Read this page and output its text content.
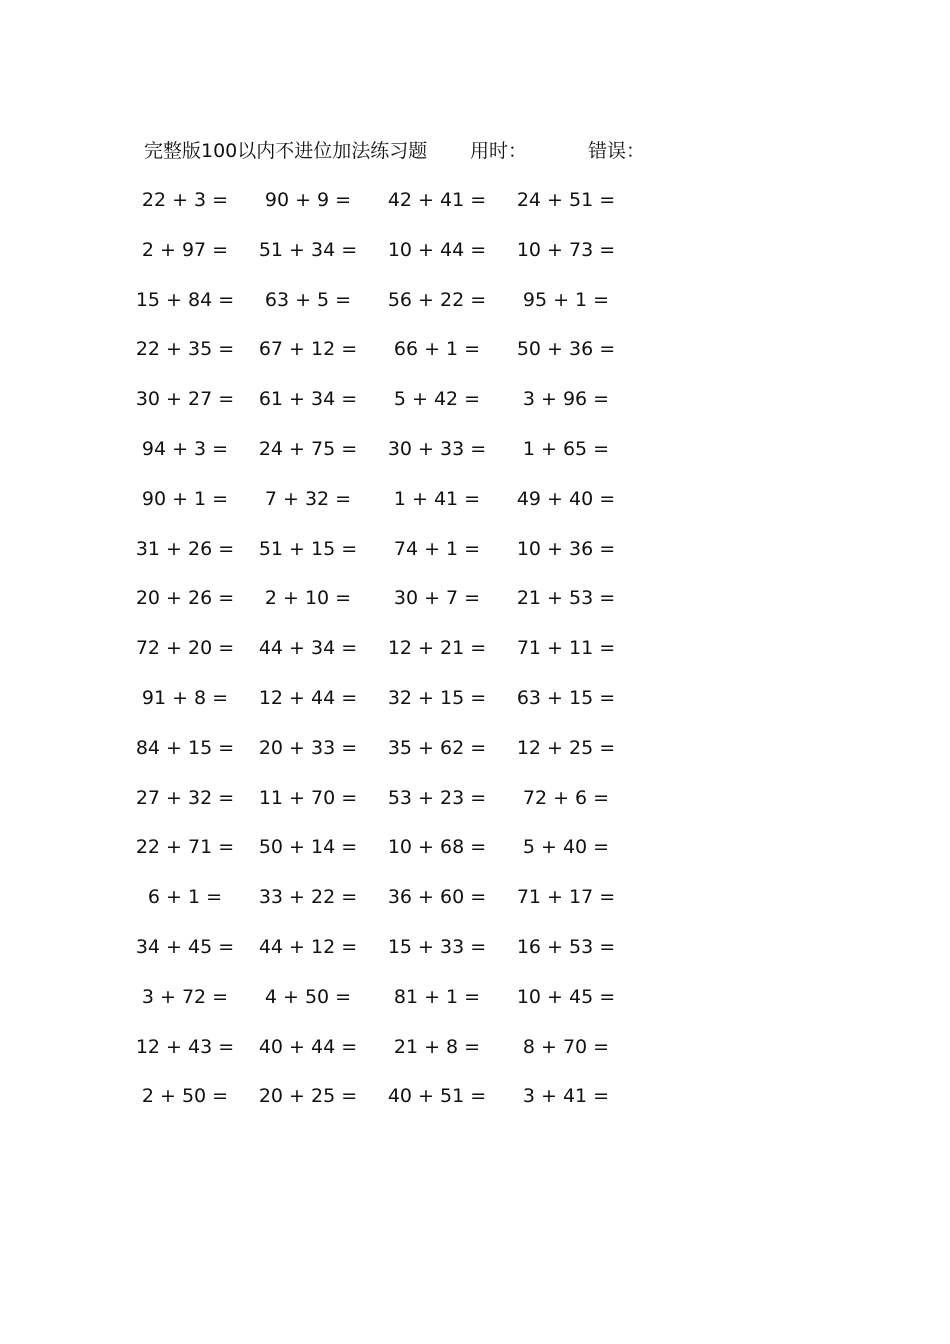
完整版100以内不进位加法练习题 用时：	错误：
22 + 3 =	90 + 9 =	42 + 41 =	24 + 51 =
2 + 97 =	51 + 34 =	10 + 44 =	10 + 73 =
15 + 84 =	63 + 5 =	56 + 22 =	95 + 1 =
22 + 35 =	67 + 12 =	66 + 1 =	50 + 36 =
30 + 27 =	61 + 34 =	5 + 42 =	3 + 96 =
94 + 3 =	24 + 75 =	30 + 33 =	1 + 65 =
90 + 1 =	7 + 32 =	1 + 41 =	49 + 40 =
31 + 26 =	51 + 15 =	74 + 1 =	10 + 36 =
20 + 26 =	2 + 10 =	30 + 7 =	21 + 53 =
72 + 20 =	44 + 34 =	12 + 21 =	71 + 11 =
91 + 8 =	12 + 44 =	32 + 15 =	63 + 15 =
84 + 15 =	20 + 33 =	35 + 62 =	12 + 25 =
27 + 32 =	11 + 70 =	53 + 23 =	72 + 6 =
22 + 71 =	50 + 14 =	10 + 68 =	5 + 40 =
6 + 1 =	33 + 22 =	36 + 60 =	71 + 17 =
34 + 45 =	44 + 12 =	15 + 33 =	16 + 53 =
3 + 72 =	4 + 50 =	81 + 1 =	10 + 45 =
12 + 43 =	40 + 44 =	21 + 8 =	8 + 70 =
2 + 50 =	20 + 25 =	40 + 51 =	3 + 41 =
